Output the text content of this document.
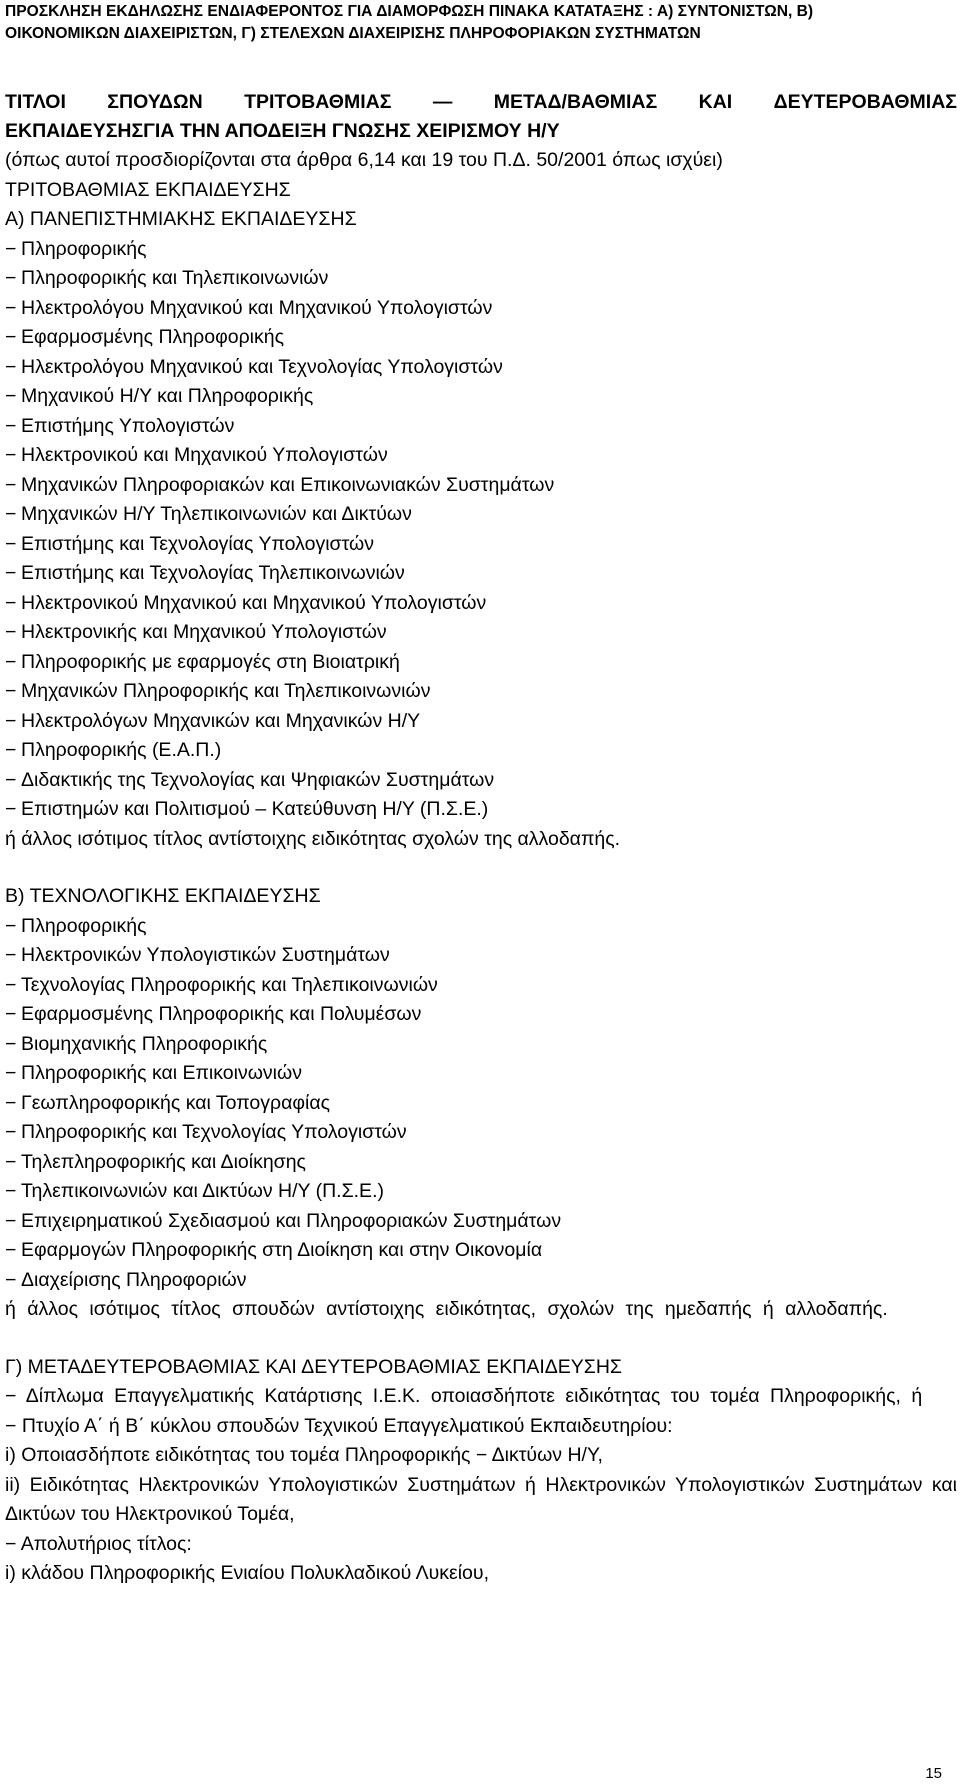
ΠΡΟΣΚΛΗΣΗ ΕΚΔΗΛΩΣΗΣ ΕΝΔΙΑΦΕΡΟΝΤΟΣ ΓΙΑ ΔΙΑΜΟΡΦΩΣΗ ΠΙΝΑΚΑ ΚΑΤΑΤΑΞΗΣ : Α) ΣΥΝΤΟΝΙΣΤΩΝ, Β)
ΟΙΚΟΝΟΜΙΚΩΝ ΔΙΑΧΕΙΡΙΣΤΩΝ, Γ) ΣΤΕΛΕΧΩΝ ΔΙΑΧΕΙΡΙΣΗΣ ΠΛΗΡΟΦΟΡΙΑΚΩΝ ΣΥΣΤΗΜΑΤΩΝ
ΤΙΤΛΟΙ ΣΠΟΥΔΩΝ ΤΡΙΤΟΒΑΘΜΙΑΣ — ΜΕΤΑΔ/ΒΑΘΜΙΑΣ ΚΑΙ ΔΕΥΤΕΡΟΒΑΘΜΙΑΣ
ΕΚΠΑΙΔΕΥΣΗΣΓΙΑ ΤΗΝ ΑΠΟΔΕΙΞΗ ΓΝΩΣΗΣ ΧΕΙΡΙΣΜΟΥ Η/Υ
(όπως αυτοί προσδιορίζονται στα άρθρα 6,14 και 19 του Π.Δ. 50/2001 όπως ισχύει)
ΤΡΙΤΟΒΑΘΜΙΑΣ ΕΚΠΑΙΔΕΥΣΗΣ
Α) ΠΑΝΕΠΙΣΤΗΜΙΑΚΗΣ ΕΚΠΑΙΔΕΥΣΗΣ
− Πληροφορικής
− Πληροφορικής και Τηλεπικοινωνιών
− Ηλεκτρολόγου Μηχανικού και Μηχανικού Υπολογιστών
− Εφαρμοσμένης Πληροφορικής
− Ηλεκτρολόγου Μηχανικού και Τεχνολογίας Υπολογιστών
− Μηχανικού Η/Υ και Πληροφορικής
− Επιστήμης Υπολογιστών
− Ηλεκτρονικού και Μηχανικού Υπολογιστών
− Μηχανικών Πληροφοριακών και Επικοινωνιακών Συστημάτων
− Μηχανικών Η/Υ Τηλεπικοινωνιών και Δικτύων
− Επιστήμης και Τεχνολογίας Υπολογιστών
− Επιστήμης και Τεχνολογίας Τηλεπικοινωνιών
− Ηλεκτρονικού Μηχανικού και Μηχανικού Υπολογιστών
− Ηλεκτρονικής και Μηχανικού Υπολογιστών
− Πληροφορικής με εφαρμογές στη Βιοιατρική
− Μηχανικών Πληροφορικής και Τηλεπικοινωνιών
− Ηλεκτρολόγων Μηχανικών και Μηχανικών Η/Υ
− Πληροφορικής (Ε.Α.Π.)
− Διδακτικής της Τεχνολογίας και Ψηφιακών Συστημάτων
− Επιστημών και Πολιτισμού – Κατεύθυνση Η/Υ (Π.Σ.Ε.)
ή άλλος ισότιμος τίτλος αντίστοιχης ειδικότητας σχολών της αλλοδαπής.
Β) ΤΕΧΝΟΛΟΓΙΚΗΣ ΕΚΠΑΙΔΕΥΣΗΣ
− Πληροφορικής
− Ηλεκτρονικών Υπολογιστικών Συστημάτων
− Τεχνολογίας Πληροφορικής και Τηλεπικοινωνιών
− Εφαρμοσμένης Πληροφορικής και Πολυμέσων
− Βιομηχανικής Πληροφορικής
− Πληροφορικής και Επικοινωνιών
− Γεωπληροφορικής και Τοπογραφίας
− Πληροφορικής και Τεχνολογίας Υπολογιστών
− Τηλεπληροφορικής και Διοίκησης
− Τηλεπικοινωνιών και Δικτύων Η/Υ (Π.Σ.Ε.)
− Επιχειρηματικού Σχεδιασμού και Πληροφοριακών Συστημάτων
− Εφαρμογών Πληροφορικής στη Διοίκηση και στην Οικονομία
− Διαχείρισης Πληροφοριών
ή άλλος ισότιμος τίτλος σπουδών αντίστοιχης ειδικότητας, σχολών της ημεδαπής ή αλλοδαπής.
Γ) ΜΕΤΑΔΕΥΤΕΡΟΒΑΘΜΙΑΣ ΚΑΙ ΔΕΥΤΕΡΟΒΑΘΜΙΑΣ ΕΚΠΑΙΔΕΥΣΗΣ
− Δίπλωμα Επαγγελματικής Κατάρτισης Ι.Ε.Κ. οποιασδήποτε ειδικότητας του τομέα Πληροφορικής, ή
− Πτυχίο Α΄ ή Β΄ κύκλου σπουδών Τεχνικού Επαγγελματικού Εκπαιδευτηρίου:
i) Οποιασδήποτε ειδικότητας του τομέα Πληροφορικής − Δικτύων Η/Υ,
ii) Ειδικότητας Ηλεκτρονικών Υπολογιστικών Συστημάτων ή Ηλεκτρονικών Υπολογιστικών Συστημάτων και Δικτύων του Ηλεκτρονικού Τομέα,
− Απολυτήριος τίτλος:
i) κλάδου Πληροφορικής Ενιαίου Πολυκλαδικού Λυκείου,
15
